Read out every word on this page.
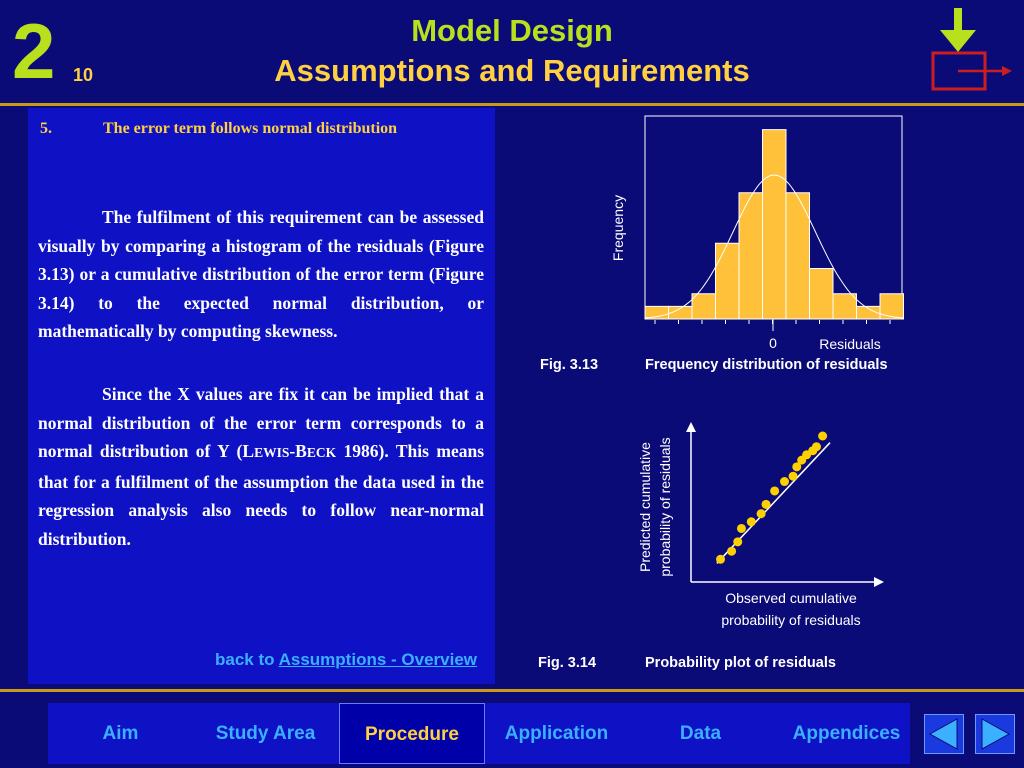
2 10
Model Design
Assumptions and Requirements
5.	The error term follows normal distribution

The fulfilment of this requirement can be assessed visually by comparing a histogram of the residuals (Figure 3.13) or a cumulative distribution of the error term (Figure 3.14) to the expected normal distribution, or mathematically by computing skewness.

Since the X values are fix it can be implied that a normal distribution of the error term corresponds to a normal distribution of Y (LEWIS-BECK 1986). This means that for a fulfilment of the assumption the data used in the regression analysis also needs to follow near-normal distribution.

back to Assumptions - Overview
Frequency
0	Residuals
Fig. 3.13	Frequency distribution of residuals
Predicted cumulative probability of residuals
Observed cumulative
probability of residuals
Fig. 3.14	Probability plot of residuals
Aim	Study Area	Procedure	Application	Data	Appendices
